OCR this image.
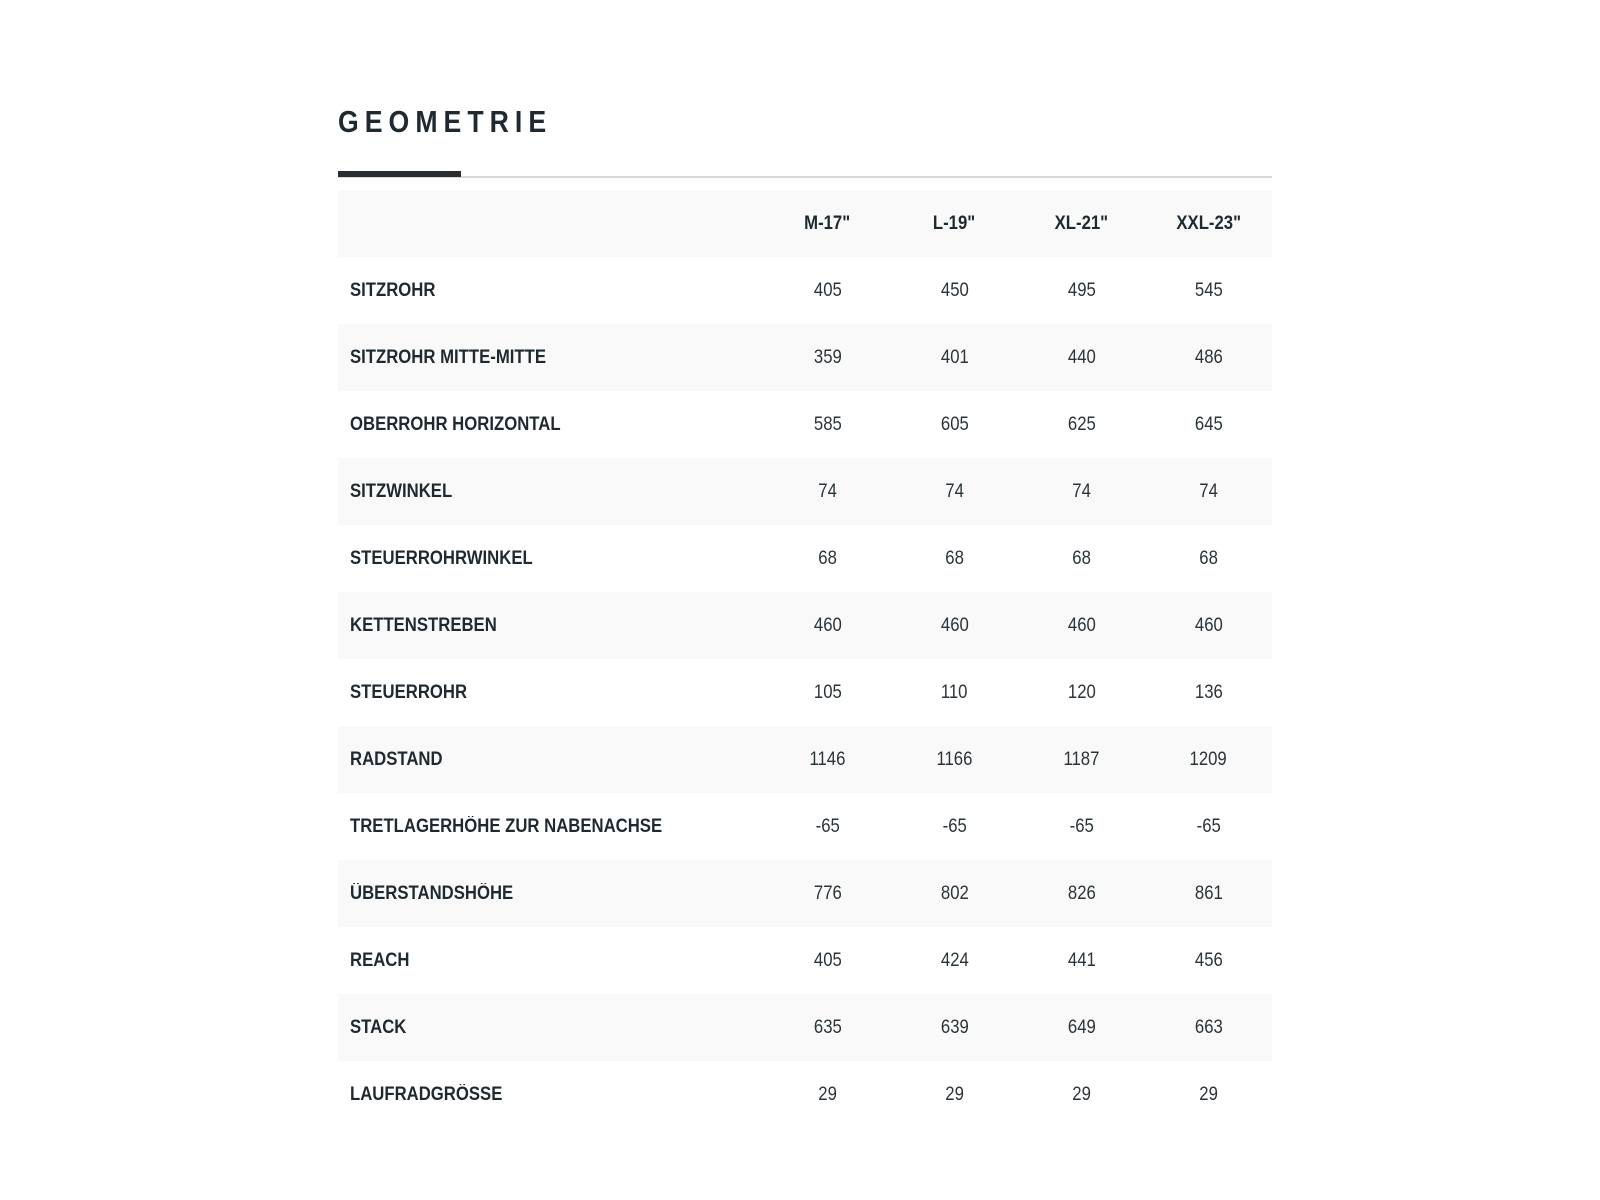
GEOMETRIE
	M-17"	L-19"	XL-21"	XXL-23"
SITZROHR	405	450	495	545
SITZROHR MITTE-MITTE	359	401	440	486
OBERROHR HORIZONTAL	585	605	625	645
SITZWINKEL	74	74	74	74
STEUERROHRWINKEL	68	68	68	68
KETTENSTREBEN	460	460	460	460
STEUERROHR	105	110	120	136
RADSTAND	1146	1166	1187	1209
TRETLAGERHÖHE ZUR NABENACHSE	-65	-65	-65	-65
ÜBERSTANDSHÖHE	776	802	826	861
REACH	405	424	441	456
STACK	635	639	649	663
LAUFRADGRÖSSE	29	29	29	29
